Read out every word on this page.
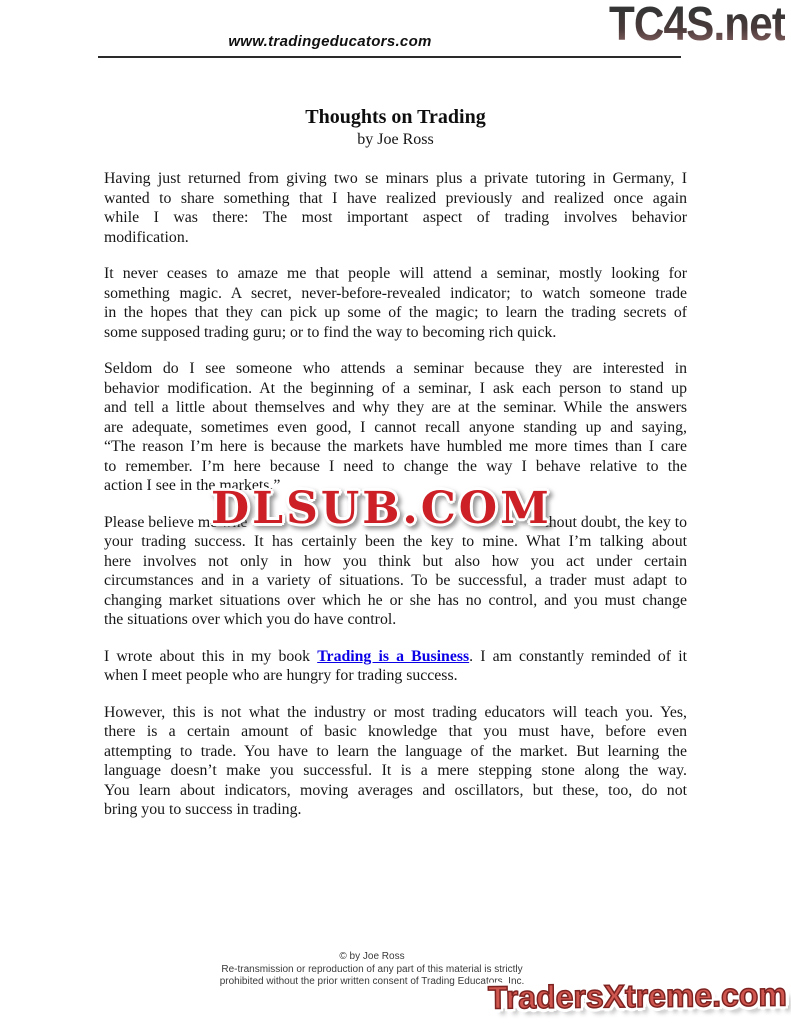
www.tradingeducators.com	TC4S.net
Thoughts on Trading
by Joe Ross
Having just returned from giving two se minars plus a private tutoring in Germany, I
wanted to share something that I have realized previously and realized once again
while I was there: The most important aspect of trading involves behavior
modification.
It never ceases to amaze me that people will attend a seminar, mostly looking for
something magic. A secret, never-before-revealed indicator; to watch someone trade
in the hopes that they can pick up some of the magic; to learn the trading secrets of
some supposed trading guru; or to find the way to becoming rich quick.
Seldom do I see someone who attends a seminar because they are interested in
behavior modification. At the beginning of a seminar, I ask each person to stand up
and tell a little about themselves and why they are at the seminar. While the answers
are adequate, sometimes even good, I cannot recall anyone standing up and saying,
“The reason I’m here is because the markets have humbled me more times than I care
to remember. I’m here because I need to change the way I behave relative to the
action I see in the markets.”
Please believe me whe	thout doubt, the key to
your trading success. It has certainly been the key to mine. What I’m talking about
here involves not only in how you think but also how you act under certain
circumstances and in a variety of situations. To be successful, a trader must adapt to
changing market situations over which he or she has no control, and you must change
the situations over which you do have control.
I wrote about this in my book Trading is a Business. I am constantly reminded of it
when I meet people who are hungry for trading success.
However, this is not what the industry or most trading educators will teach you. Yes,
there is a certain amount of basic knowledge that you must have, before even
attempting to trade. You have to learn the language of the market. But learning the
language doesn’t make you successful. It is a mere stepping stone along the way.
You learn about indicators, moving averages and oscillators, but these, too, do not
bring you to success in trading.
DLSUB.COM
© by Joe Ross
Re-transmission or reproduction of any part of this material is strictly
prohibited without the prior written consent of Trading Educators, Inc.
TradersXtreme.com
